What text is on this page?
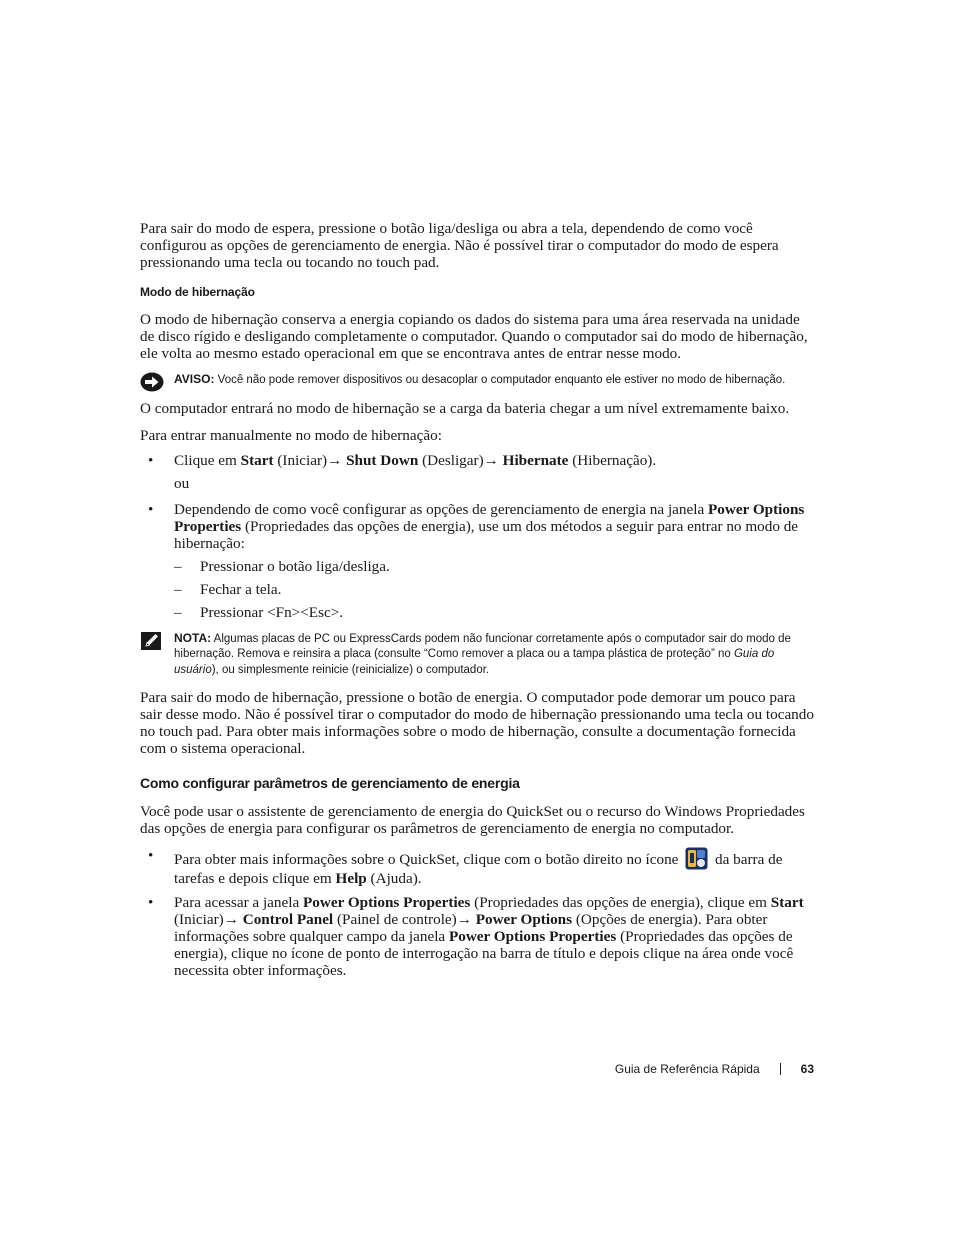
Para sair do modo de espera, pressione o botão liga/desliga ou abra a tela, dependendo de como você configurou as opções de gerenciamento de energia. Não é possível tirar o computador do modo de espera pressionando uma tecla ou tocando no touch pad.

Modo de hibernação

O modo de hibernação conserva a energia copiando os dados do sistema para uma área reservada na unidade de disco rígido e desligando completamente o computador. Quando o computador sai do modo de hibernação, ele volta ao mesmo estado operacional em que se encontrava antes de entrar nesse modo.

AVISO: Você não pode remover dispositivos ou desacoplar o computador enquanto ele estiver no modo de hibernação.

O computador entrará no modo de hibernação se a carga da bateria chegar a um nível extremamente baixo.

Para entrar manualmente no modo de hibernação:

• Clique em Start (Iniciar)→ Shut Down (Desligar)→ Hibernate (Hibernação).

ou

• Dependendo de como você configurar as opções de gerenciamento de energia na janela Power Options Properties (Propriedades das opções de energia), use um dos métodos a seguir para entrar no modo de hibernação:
– Pressionar o botão liga/desliga.
– Fechar a tela.
– Pressionar <Fn><Esc>.
NOTA: Algumas placas de PC ou ExpressCards podem não funcionar corretamente após o computador sair do modo de hibernação. Remova e reinsira a placa (consulte “Como remover a placa ou a tampa plástica de proteção” no Guia do usuário), ou simplesmente reinicie (reinicialize) o computador.

Para sair do modo de hibernação, pressione o botão de energia. O computador pode demorar um pouco para sair desse modo. Não é possível tirar o computador do modo de hibernação pressionando uma tecla ou tocando no touch pad. Para obter mais informações sobre o modo de hibernação, consulte a documentação fornecida com o sistema operacional.

Como configurar parâmetros de gerenciamento de energia

Você pode usar o assistente de gerenciamento de energia do QuickSet ou o recurso do Windows Propriedades das opções de energia para configurar os parâmetros de gerenciamento de energia no computador.

• Para obter mais informações sobre o QuickSet, clique com o botão direito no ícone da barra de tarefas e depois clique em Help (Ajuda).
• Para acessar a janela Power Options Properties (Propriedades das opções de energia), clique em Start (Iniciar)→ Control Panel (Painel de controle)→ Power Options (Opções de energia). Para obter informações sobre qualquer campo da janela Power Options Properties (Propriedades das opções de energia), clique no ícone de ponto de interrogação na barra de título e depois clique na área onde você necessita obter informações.
Guia de Referência Rápida	63
